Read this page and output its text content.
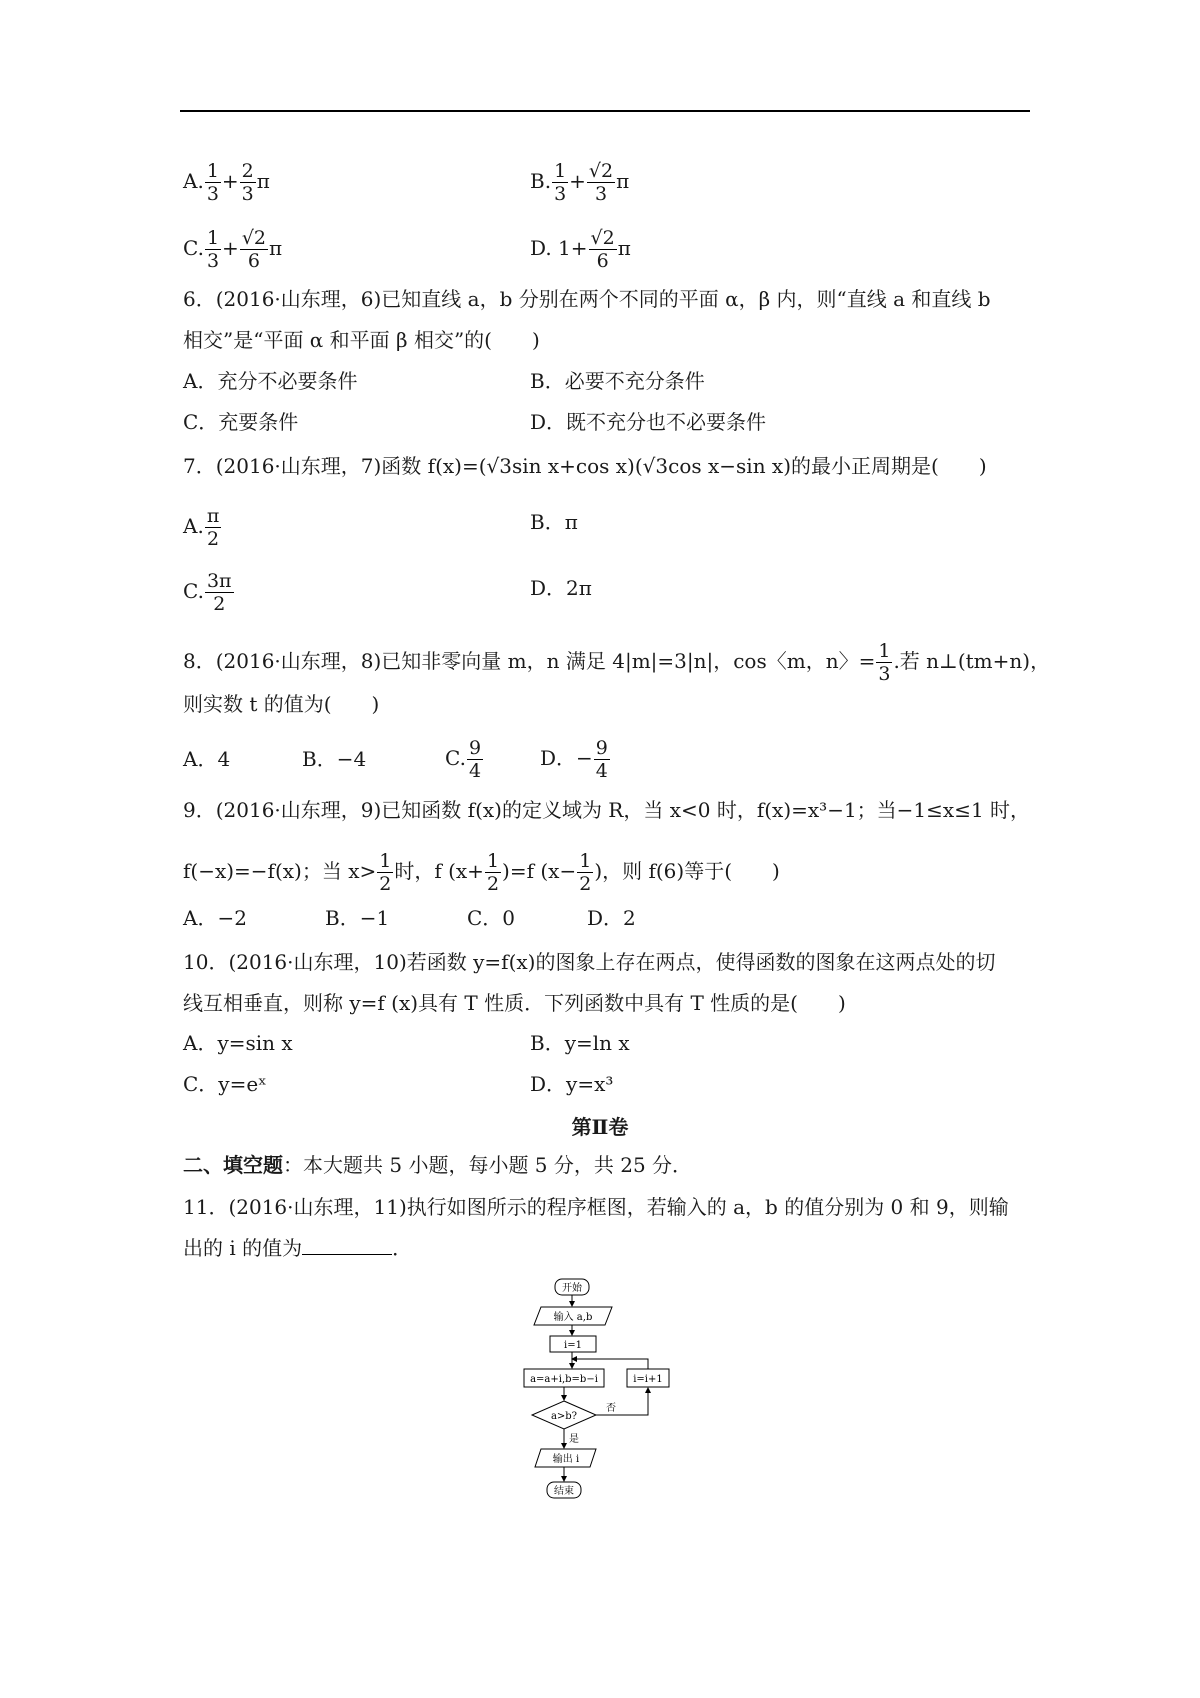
A. $\frac{1}{3} + \frac{2}{3}$ π	B. $\frac{1}{3} + \frac{√2}{3}$ π
C. $\frac{1}{3} + \frac{√2}{6}$ π	D. $1+ \frac{√2}{6}$ π
6．(2016·山东理，6)已知直线 a，b 分别在两个不同的平面 α，β 内，则“直线 a 和直线 b
相交”是“平面 α 和平面 β 相交”的(　　)
A．充分不必要条件	B．必要不充分条件
C．充要条件	D．既不充分也不必要条件
7．(2016·山东理，7)函数 f(x)=(√3sin x+cos x)(√3cos x−sin x)的最小正周期是(　　)
A. $\frac{\pi}{2}$	B．π
C. $\frac{3\pi}{2}$	D．2π
8．(2016·山东理，8)已知非零向量 m，n 满足 4|m|=3|n|，cos〈m，n〉= $\frac{1}{3}$ .若 n⊥(tm+n)，
则实数 t 的值为(　　)
A．4	B．−4	C. $\frac{9}{4}$	D．− $\frac{9}{4}$
9．(2016·山东理，9)已知函数 f(x)的定义域为 R，当 x<0 时，f(x)=x³−1；当−1≤x≤1 时，
f(−x)=−f(x)；当 $x> \frac{1}{2}$ 时，f $(x+ \frac{1}{2} )=f$ ($x- \frac{1}{2}$ )，则 f(6)等于(　　)
A．−2	B．−1	C．0	D．2
10．(2016·山东理，10)若函数 y=f(x)的图象上存在两点，使得函数的图象在这两点处的切
线互相垂直，则称 y=f (x)具有 T 性质．下列函数中具有 T 性质的是(　　)
A．y=sin x	B．y=ln x
C．y=eˣ	D．y=x³
第Ⅱ卷
二、填空题：本大题共 5 小题，每小题 5 分，共 25 分．
11．(2016·山东理，11)执行如图所示的程序框图，若输入的 a，b 的值分别为 0 和 9，则输
出的 i 的值为	．
开始
输入 a,b
i=1
a=a+i,b=b−i
a>b?
否
i=i+1
是
输出 i
结束
